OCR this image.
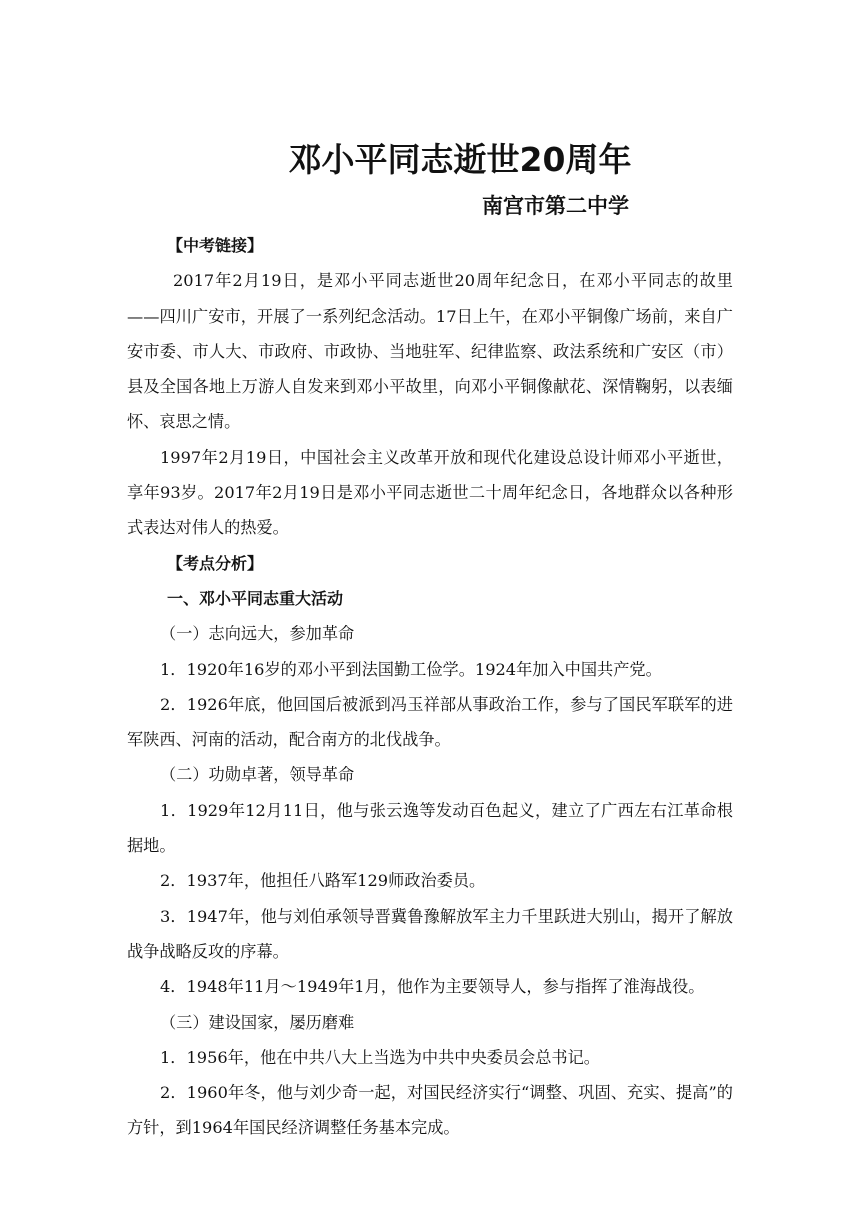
邓小平同志逝世20周年
南宫市第二中学

【中考链接】

2017年2月19日，是邓小平同志逝世20周年纪念日，在邓小平同志的故里——四川广安市，开展了一系列纪念活动。17日上午，在邓小平铜像广场前，来自广安市委、市人大、市政府、市政协、当地驻军、纪律监察、政法系统和广安区（市）县及全国各地上万游人自发来到邓小平故里，向邓小平铜像献花、深情鞠躬，以表缅怀、哀思之情。

1997年2月19日，中国社会主义改革开放和现代化建设总设计师邓小平逝世，享年93岁。2017年2月19日是邓小平同志逝世二十周年纪念日，各地群众以各种形式表达对伟人的热爱。

【考点分析】

一、邓小平同志重大活动

（一）志向远大，参加革命

1．1920年16岁的邓小平到法国勤工俭学。1924年加入中国共产党。

2．1926年底，他回国后被派到冯玉祥部从事政治工作，参与了国民军联军的进军陕西、河南的活动，配合南方的北伐战争。

（二）功勋卓著，领导革命

1．1929年12月11日，他与张云逸等发动百色起义，建立了广西左右江革命根据地。

2．1937年，他担任八路军129师政治委员。

3．1947年，他与刘伯承领导晋冀鲁豫解放军主力千里跃进大别山，揭开了解放战争战略反攻的序幕。

4．1948年11月～1949年1月，他作为主要领导人，参与指挥了淮海战役。

（三）建设国家，屡历磨难

1．1956年，他在中共八大上当选为中共中央委员会总书记。

2．1960年冬，他与刘少奇一起，对国民经济实行“调整、巩固、充实、提高”的方针，到1964年国民经济调整任务基本完成。
